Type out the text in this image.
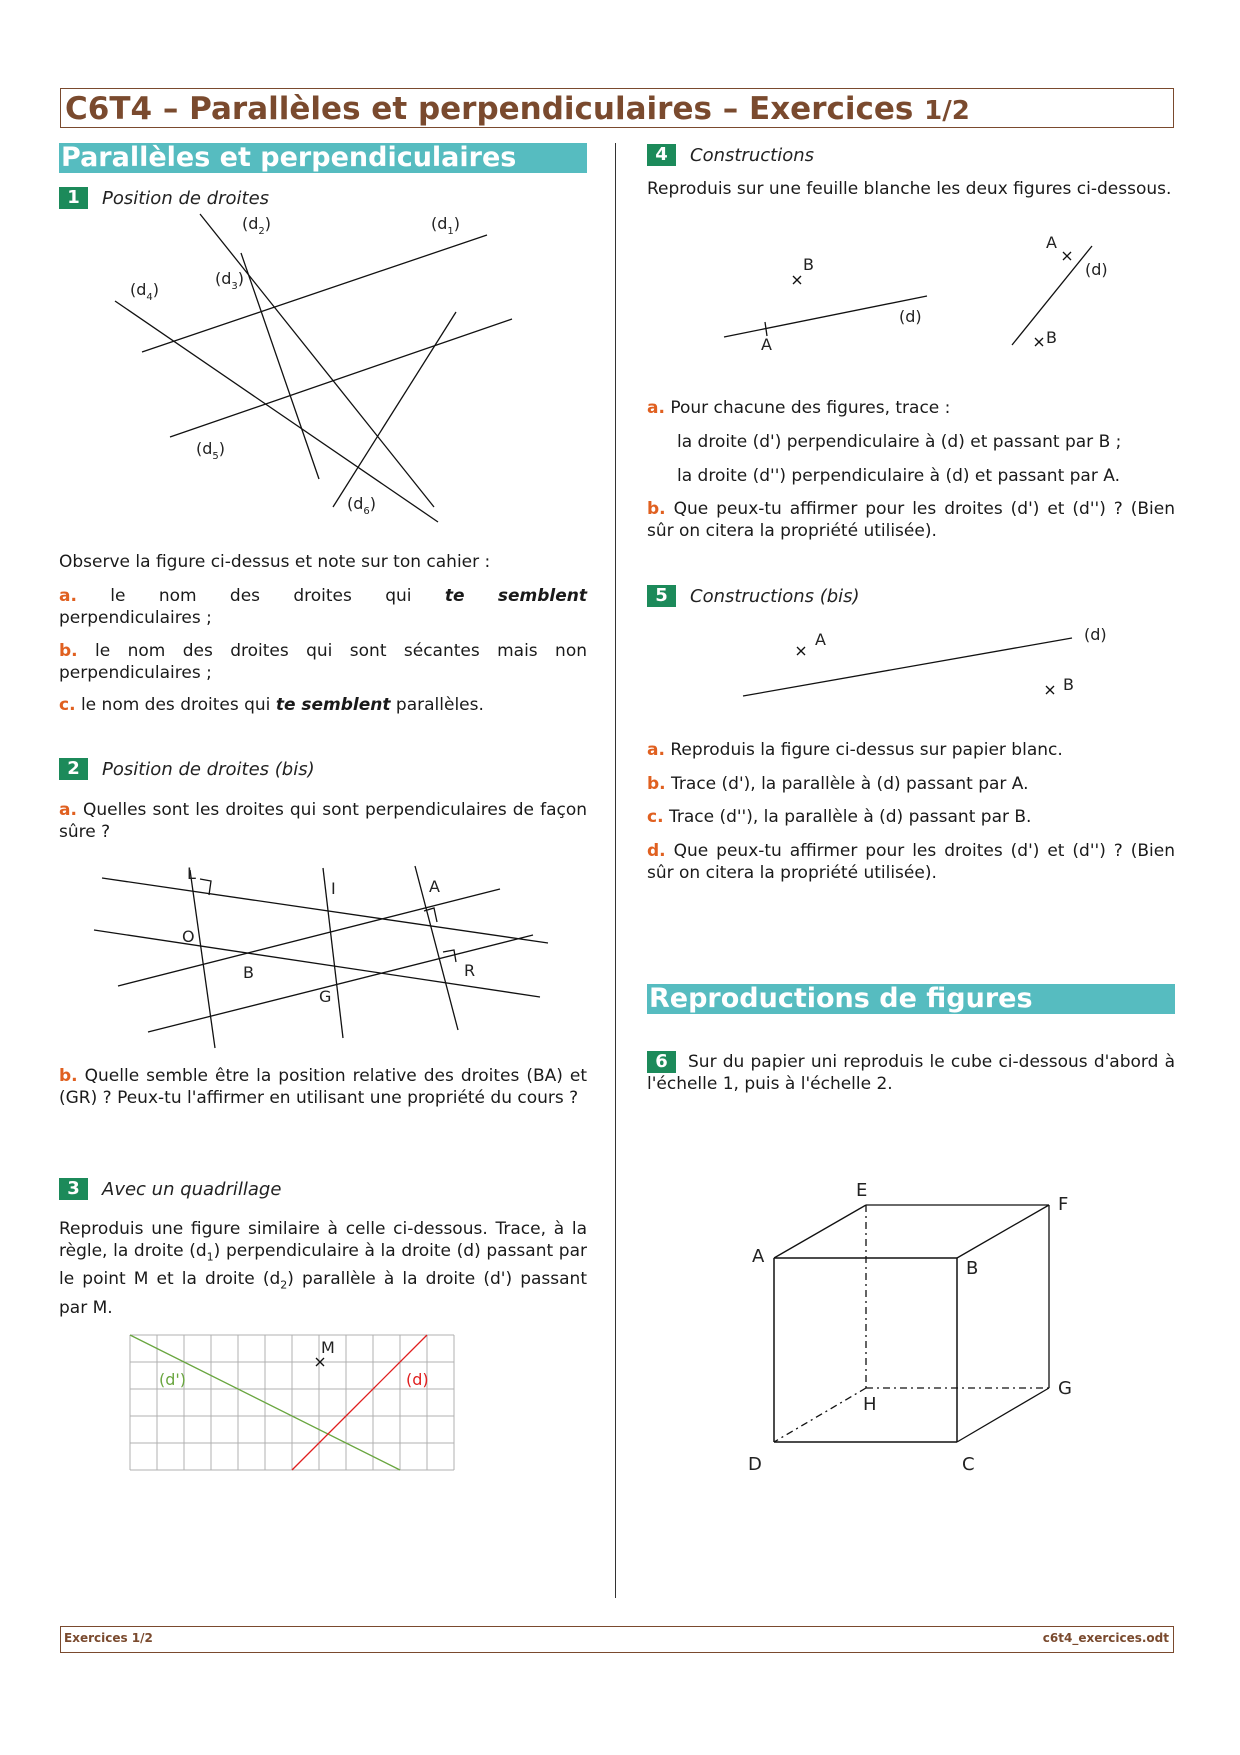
C6T4 – Parallèles et perpendiculaires – Exercices 1/2
Parallèles et perpendiculaires
1	Position de droites
$(d_2)$	$(d_1)$
$(d_3)$
$(d_4)$
$(d_5)$
$(d_6)$
Observe la figure ci-dessus et note sur ton cahier :
a. le nom des droites qui te semblent
perpendiculaires ;
b. le nom des droites qui sont sécantes mais non perpendiculaires ;
c. le nom des droites qui te semblent parallèles.
2	Position de droites (bis)
a. Quelles sont les droites qui sont perpendiculaires de façon sûre ?
L
I	A
O
B	R
G
b. Quelle semble être la position relative des droites (BA) et (GR) ? Peux-tu l'affirmer en utilisant une propriété du cours ?
3	Avec un quadrillage
Reproduis une figure similaire à celle ci-dessous. Trace, à la règle, la droite $(d_1)$ perpendiculaire à la droite (d) passant par le point M et la droite $(d_2)$ parallèle à la droite (d') passant par M.
M
(d')	(d)
4	Constructions
Reproduis sur une feuille blanche les deux figures ci-dessous.
B
A
(d)
A
B
(d)
a. Pour chacune des figures, trace :
la droite (d') perpendiculaire à (d) et passant par B ;
la droite (d'') perpendiculaire à (d) et passant par A.
b. Que peux-tu affirmer pour les droites (d') et (d'') ? (Bien sûr on citera la propriété utilisée).
5	Constructions (bis)
A
B
(d)
a. Reproduis la figure ci-dessus sur papier blanc.
b. Trace (d'), la parallèle à (d) passant par A.
c. Trace (d''), la parallèle à (d) passant par B.
d. Que peux-tu affirmer pour les droites (d') et (d'') ? (Bien sûr on citera la propriété utilisée).
Reproductions de figures
6 Sur du papier uni reproduis le cube ci-dessous d'abord à l'échelle 1, puis à l'échelle 2.
A
B
C
D
E
F
G
H
Exercices 1/2	c6t4_exercices.odt
